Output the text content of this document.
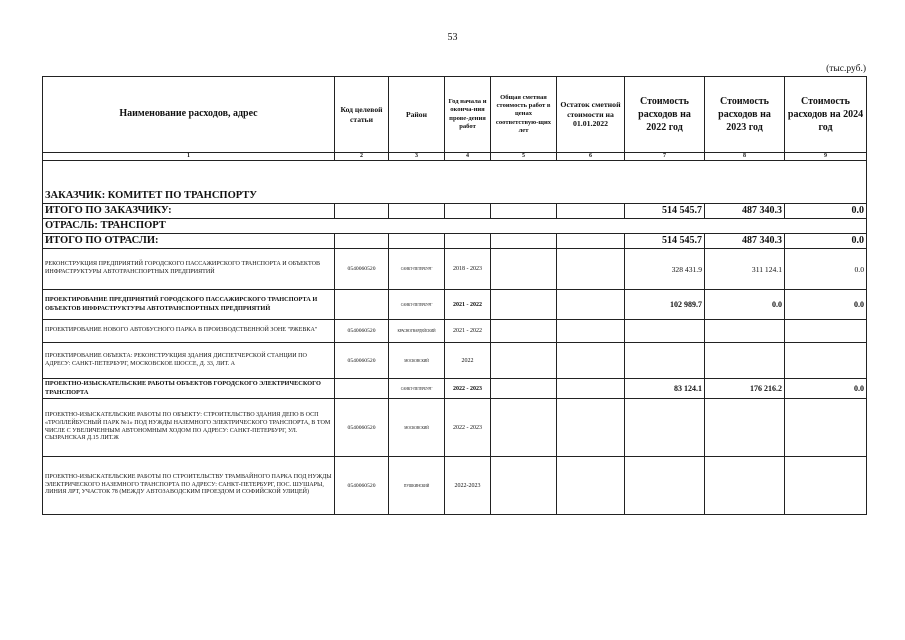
53
(тыс.руб.)
Наименование расходов, адрес	Код целевой статьи	Район	Год начала и оконча-ния прове-дения работ	Общая сметная стоимость работ в ценах соответствую-щих лет	Остаток сметной стоимости на 01.01.2022	Стоимость расходов на 2022 год	Стоимость расходов на 2023 год	Стоимость расходов на 2024 год
1	2	3	4	5	6	7	8	9

ЗАКАЗЧИК: КОМИТЕТ ПО ТРАНСПОРТУ								
ИТОГО ПО ЗАКАЗЧИКУ:						514 545.7	487 340.3	0.0
ОТРАСЛЬ: ТРАНСПОРТ								
ИТОГО ПО ОТРАСЛИ:						514 545.7	487 340.3	0.0
РЕКОНСТРУКЦИЯ ПРЕДПРИЯТИЙ ГОРОДСКОГО ПАССАЖИРСКОГО ТРАНСПОРТА И ОБЪЕКТОВ ИНФРАСТРУКТУРЫ АВТОТРАНСПОРТНЫХ ПРЕДПРИЯТИЙ	0540060520	САНКТ-ПЕТЕРБУРГ	2018 - 2023			328 431.9	311 124.1	0.0
ПРОЕКТИРОВАНИЕ ПРЕДПРИЯТИЙ ГОРОДСКОГО ПАССАЖИРСКОГО ТРАНСПОРТА И ОБЪЕКТОВ ИНФРАСТРУКТУРЫ АВТОТРАНСПОРТНЫХ ПРЕДПРИЯТИЙ		САНКТ-ПЕТЕРБУРГ	2021 - 2022			102 989.7	0.0	0.0
ПРОЕКТИРОВАНИЕ НОВОГО АВТОБУСНОГО ПАРКА В ПРОИЗВОДСТВЕННОЙ ЗОНЕ "РЖЕВКА"	0540060520	КРАСНОГВАРДЕЙСКИЙ	2021 - 2022					
ПРОЕКТИРОВАНИЕ ОБЪЕКТА: РЕКОНСТРУКЦИЯ ЗДАНИЯ ДИСПЕТЧЕРСКОЙ СТАНЦИИ ПО АДРЕСУ: САНКТ-ПЕТЕРБУРГ, МОСКОВСКОЕ ШОССЕ, Д. 33, ЛИТ. А	0540060520	МОСКОВСКИЙ	2022					
ПРОЕКТНО-ИЗЫСКАТЕЛЬСКИЕ РАБОТЫ ОБЪЕКТОВ ГОРОДСКОГО ЭЛЕКТРИЧЕСКОГО ТРАНСПОРТА		САНКТ-ПЕТЕРБУРГ	2022 - 2023			83 124.1	176 216.2	0.0
ПРОЕКТНО-ИЗЫСКАТЕЛЬСКИЕ РАБОТЫ ПО ОБЪЕКТУ: СТРОИТЕЛЬСТВО ЗДАНИЯ ДЕПО В ОСП «ТРОЛЛЕЙБУСНЫЙ ПАРК №1» ПОД НУЖДЫ НАЗЕМНОГО ЭЛЕКТРИЧЕСКОГО ТРАНСПОРТА, В ТОМ ЧИСЛЕ С УВЕЛИЧЕННЫМ АВТОНОМНЫМ ХОДОМ ПО АДРЕСУ: САНКТ-ПЕТЕРБУРГ, УЛ. СЫЗРАНСКАЯ Д.15 ЛИТ.Ж	0540060520	МОСКОВСКИЙ	2022 - 2023					
ПРОЕКТНО-ИЗЫСКАТЕЛЬСКИЕ РАБОТЫ ПО СТРОИТЕЛЬСТВУ ТРАМВАЙНОГО ПАРКА ПОД НУЖДЫ ЭЛЕКТРИЧЕСКОГО НАЗЕМНОГО ТРАНСПОРТА ПО АДРЕСУ: САНКТ-ПЕТЕРБУРГ, ПОС. ШУШАРЫ, ЛИНИЯ ЛРТ, УЧАСТОК 78 (МЕЖДУ АВТОЗАВОДСКИМ ПРОЕЗДОМ И СОФИЙСКОЙ УЛИЦЕЙ)	0540060520	ПУШКИНСКИЙ	2022-2023					
